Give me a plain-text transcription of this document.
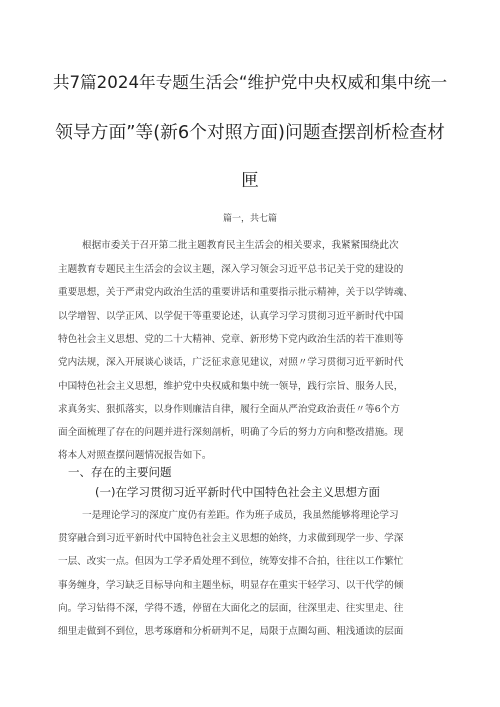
共7篇2024年专题生活会“维护党中央权威和集中统一
领导方面”等(新6个对照方面)问题查摆剖析检查材
匣
篇一，共七篇
根据市委关于召开第二批主题教育民主生活会的相关要求，我紧紧围绕此次
主题教育专题民主生活会的会议主题，深入学习领会习近平总书记关于党的建设的
重要思想，关于严肃党内政治生活的重要讲话和重要指示批示精神，关于以学铸魂、
以学增智、以学正风、以学促干等重要论述，认真学习学习贯彻习近平新时代中国
特色社会主义思想、党的二十大精神、党章、新形势下党内政治生活的若干准则等
党内法规，深入开展谈心谈话，广泛征求意见建议，对照〃学习贯彻习近平新时代
中国特色社会主义思想，维护党中央权威和集中统一领导，践行宗旨、服务人民，
求真务实、狠抓落实，以身作则廉洁自律，履行全面从严治党政治责任〃等6个方
面全面梳理了存在的问题并进行深刻剖析，明确了今后的努力方向和整改措施。现
将本人对照查摆问题情况报告如下。
一、存在的主要问题
(一)在学习贯彻习近平新时代中国特色社会主义思想方面
一是理论学习的深度广度仍有差距。作为班子成员，我虽然能够将理论学习
贯穿融合到习近平新时代中国特色社会主义思想的始终，力求做到现学一步、学深
一层、改实一点。但因为工学矛盾处理不到位，统筹安排不合拍，往往以工作繁忙
事务缠身，学习缺乏目标导向和主题坐标，明显存在重实干轻学习、以干代学的倾
向。学习钻得不深，学得不透，停留在大面化之的层面，往深里走、往实里走、往
细里走做到不到位，思考琢磨和分析研判不足，局限于点圈勾画、粗浅通读的层面
